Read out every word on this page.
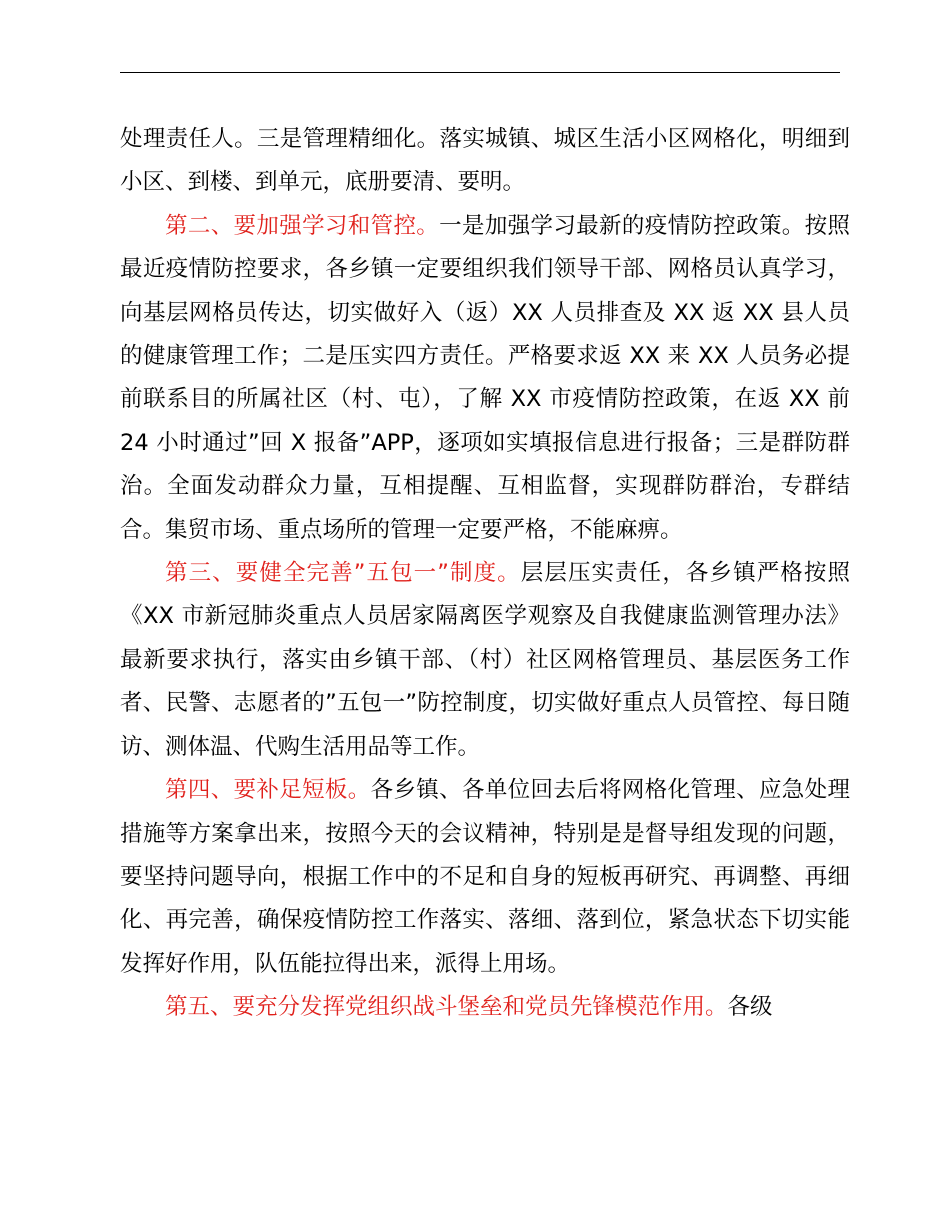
处理责任人。三是管理精细化。落实城镇、城区生活小区网格化，明细到小区、到楼、到单元，底册要清、要明。

第二、要加强学习和管控。一是加强学习最新的疫情防控政策。按照最近疫情防控要求，各乡镇一定要组织我们领导干部、网格员认真学习，向基层网格员传达，切实做好入（返）XX 人员排查及 XX 返 XX 县人员的健康管理工作；二是压实四方责任。严格要求返 XX 来 XX 人员务必提前联系目的所属社区（村、屯），了解 XX 市疫情防控政策，在返 XX 前 24 小时通过”回 X 报备”APP，逐项如实填报信息进行报备；三是群防群治。全面发动群众力量，互相提醒、互相监督，实现群防群治，专群结合。集贸市场、重点场所的管理一定要严格，不能麻痹。

第三、要健全完善”五包一”制度。层层压实责任，各乡镇严格按照《XX 市新冠肺炎重点人员居家隔离医学观察及自我健康监测管理办法》最新要求执行，落实由乡镇干部、（村）社区网格管理员、基层医务工作者、民警、志愿者的”五包一”防控制度，切实做好重点人员管控、每日随访、测体温、代购生活用品等工作。

第四、要补足短板。各乡镇、各单位回去后将网格化管理、应急处理措施等方案拿出来，按照今天的会议精神，特别是是督导组发现的问题，要坚持问题导向，根据工作中的不足和自身的短板再研究、再调整、再细化、再完善，确保疫情防控工作落实、落细、落到位，紧急状态下切实能发挥好作用，队伍能拉得出来，派得上用场。

第五、要充分发挥党组织战斗堡垒和党员先锋模范作用。各级
